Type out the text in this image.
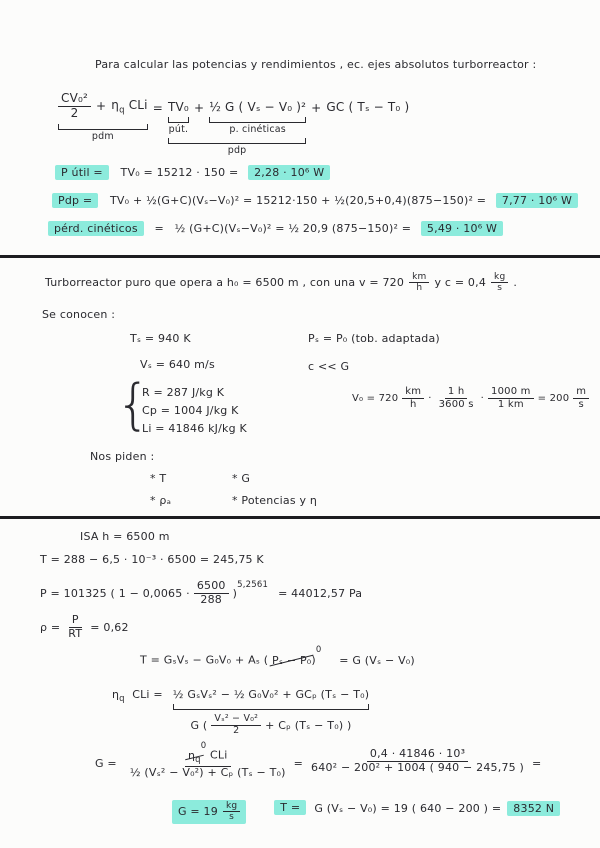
Para calcular las potencias y rendimientos , ec. ejes absolutos turborreactor :
$\frac{\text{CV₀²}}{2} + \eta_q$ CLi
pdm
= TV₀
pút.
+ ½ G ( Vₛ − V₀ )²
p. cinéticas
pdp
+ GC ( Tₛ − T₀ )
P útil = TV₀ = 15212 · 150 = 2,28 · 10⁶ W
Pdp = TV₀ + ½(G+C)(Vₛ−V₀)² = 15212·150 + ½(20,5+0,4)(875−150)² = 7,77 · 10⁶ W
pérd. cinéticos = ½ (G+C)(Vₛ−V₀)² = ½ 20,9 (875−150)² = 5,49 · 10⁶ W
Turborreactor puro que opera a h₀ = 6500 m , con una $v = 720 \frac{km}{h}$ y $c = 0,4 \frac{kg}{s}$ .
Se conocen :
Tₛ = 940 K	Pₛ = P₀ (tob. adaptada)
Vₛ = 640 m/s	c << G
{
R = 287 J/kg K
Cp = 1004 J/kg K
Li = 41846 kJ/kg K
$V_0 = 720 \frac{km}{h} \cdot \frac{1 h}{3600 s} \cdot \frac{1000 m}{1 km} = 200 \frac{m}{s}$
Nos piden :
* T	* G
* ρₐ	* Potencias y η
ISA h = 6500 m
T = 288 − 6,5 · 10⁻³ · 6500 = 245,75 K
P = 101325 ( $1 - 0,0065 \cdot \frac{6500}{288}$ )
$^{5,2561}$
= 44012,57 Pa
$\rho = \frac{P}{RT} = 0,62$
T = GₛVₛ − G₀V₀ + Aₛ ( Pₛ − P₀)$^0$ = G (Vₛ − V₀)
$\eta_q$ CLi = ½ GₛVₛ² − ½ G₀V₀² + GCₚ (Tₛ − T₀)
G ( $\frac{\text{Vₛ² − V₀²}}{2} + C_p$ (Tₛ − T₀) )
$G = \frac{\eta_q^0 CLi}{\text{½ (Vₛ² − V₀²) + Cₚ (Tₛ − T₀)}} = \frac{\text{0,4 · 41846 · 10³}}{\text{640² − 200² + 1004 ( 940 − 245,75 )}}$ =
$G = 19 \frac{kg}{s}$	T =	G (Vₛ − V₀) = 19 ( 640 − 200 ) =	8352 N
